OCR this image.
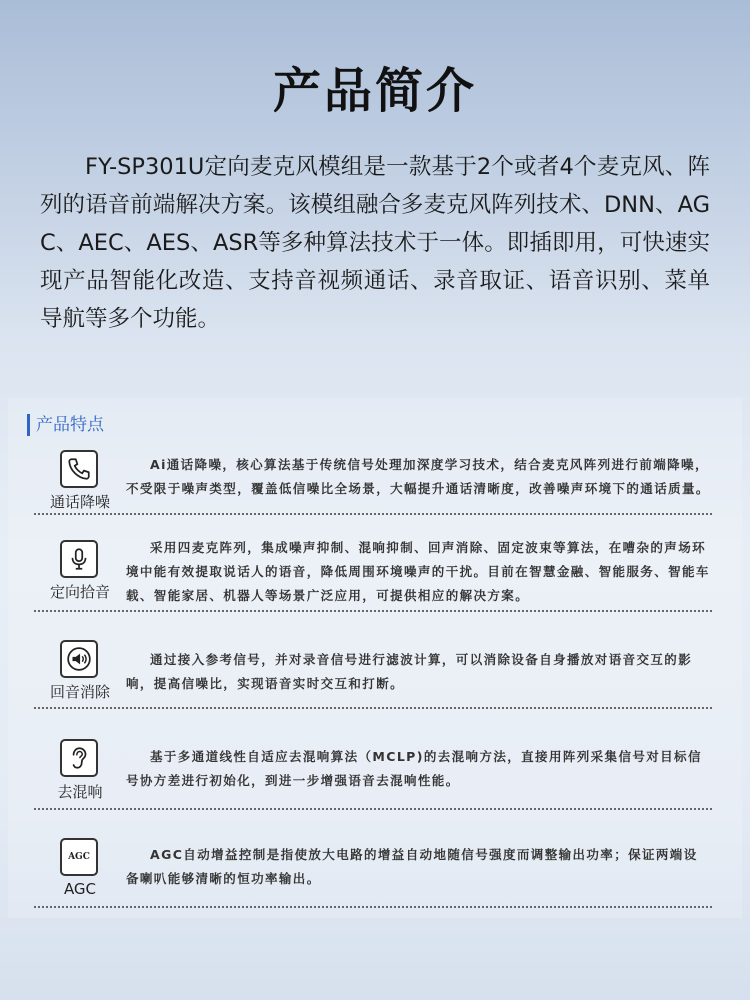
产品简介
FY-SP301U定向麦克风模组是一款基于2个或者4个麦克风、阵列的语音前端解决方案。该模组融合多麦克风阵列技术、DNN、AGC、AEC、AES、ASR等多种算法技术于一体。即插即用，可快速实现产品智能化改造、支持音视频通话、录音取证、语音识别、菜单导航等多个功能。
产品特点
通话降噪
Ai通话降噪，核心算法基于传统信号处理加深度学习技术，结合麦克风阵列进行前端降噪，不受限于噪声类型，覆盖低信噪比全场景，大幅提升通话清晰度，改善噪声环境下的通话质量。
定向拾音
采用四麦克阵列，集成噪声抑制、混响抑制、回声消除、固定波束等算法，在嘈杂的声场环境中能有效提取说话人的语音，降低周围环境噪声的干扰。目前在智慧金融、智能服务、智能车载、智能家居、机器人等场景广泛应用，可提供相应的解决方案。
回音消除
通过接入参考信号，并对录音信号进行滤波计算，可以消除设备自身播放对语音交互的影响，提高信噪比，实现语音实时交互和打断。
去混响
基于多通道线性自适应去混响算法（MCLP)的去混响方法，直接用阵列采集信号对目标信号协方差进行初始化，到进一步增强语音去混响性能。
AGC
AGC
AGC自动增益控制是指使放大电路的增益自动地随信号强度而调整输出功率；保证两端设备喇叭能够清晰的恒功率输出。
